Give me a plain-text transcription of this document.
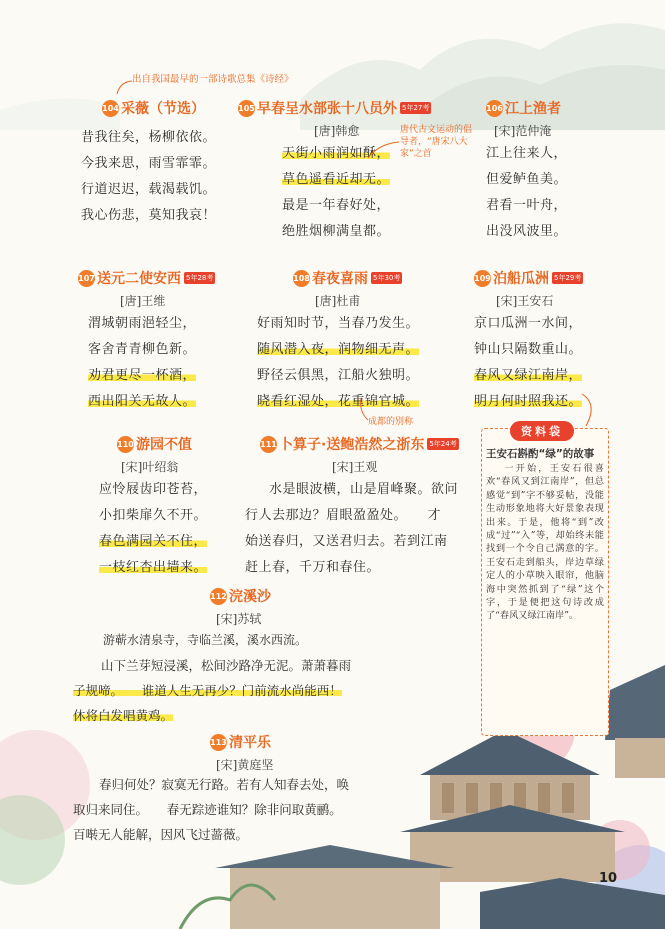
出自我国最早的一部诗歌总集《诗经》
104 采薇（节选）
昔我往矣，杨柳依依。
今我来思，雨雪霏霏。
行道迟迟，载渴载饥。
我心伤悲，莫知我哀！
105 早春呈水部张十八员外 5年27考
[唐]韩愈
天街小雨润如酥，
草色遥看近却无。
最是一年春好处，
绝胜烟柳满皇都。
唐代古文运动的倡导者，“唐宋八大家”之首
106 江上渔者
[宋]范仲淹
江上往来人，
但爱鲈鱼美。
君看一叶舟，
出没风波里。
107 送元二使安西 5年28考
[唐]王维
渭城朝雨浥轻尘，
客舍青青柳色新。
劝君更尽一杯酒，
西出阳关无故人。
108 春夜喜雨 5年30考
[唐]杜甫
好雨知时节，当春乃发生。
随风潜入夜，润物细无声。
野径云俱黑，江船火独明。
晓看红湿处，花重锦官城。
成都的别称
109 泊船瓜洲 5年29考
[宋]王安石
京口瓜洲一水间，
钟山只隔数重山。
春风又绿江南岸，
明月何时照我还。
110 游园不值
[宋]叶绍翁
应怜屐齿印苍苔，
小扣柴扉久不开。
春色满园关不住，
一枝红杏出墙来。
111 卜算子·送鲍浩然之浙东 5年24考
[宋]王观
水是眼波横，山是眉峰聚。欲问
行人去那边？眉眼盈盈处。　　才
始送春归，又送君归去。若到江南
赶上春，千万和春住。
112 浣溪沙
[宋]苏轼
游蕲水清泉寺，寺临兰溪，溪水西流。
山下兰芽短浸溪，松间沙路净无泥。萧萧暮雨
子规啼。　　谁道人生无再少？门前流水尚能西！
休将白发唱黄鸡。
113 清平乐
[宋]黄庭坚
春归何处？寂寞无行路。若有人知春去处，唤
取归来同住。　　春无踪迹谁知？除非问取黄鹂。
百啭无人能解，因风飞过蔷薇。
资料袋
王安石斟酌“绿”的故事
一开始，王安石很喜欢“春风又到江南岸”，但总感觉“到”字不够妥帖，没能生动形象地将大好景象表现出来。于是，他将“到”改成“过”“入”等，却始终未能找到一个令自己满意的字。王安石走到船头，岸边草绿定人的小草映入眼帘，他脑海中突然抓到了“绿”这个字，于是便把这句诗改成了“春风又绿江南岸”。
10
